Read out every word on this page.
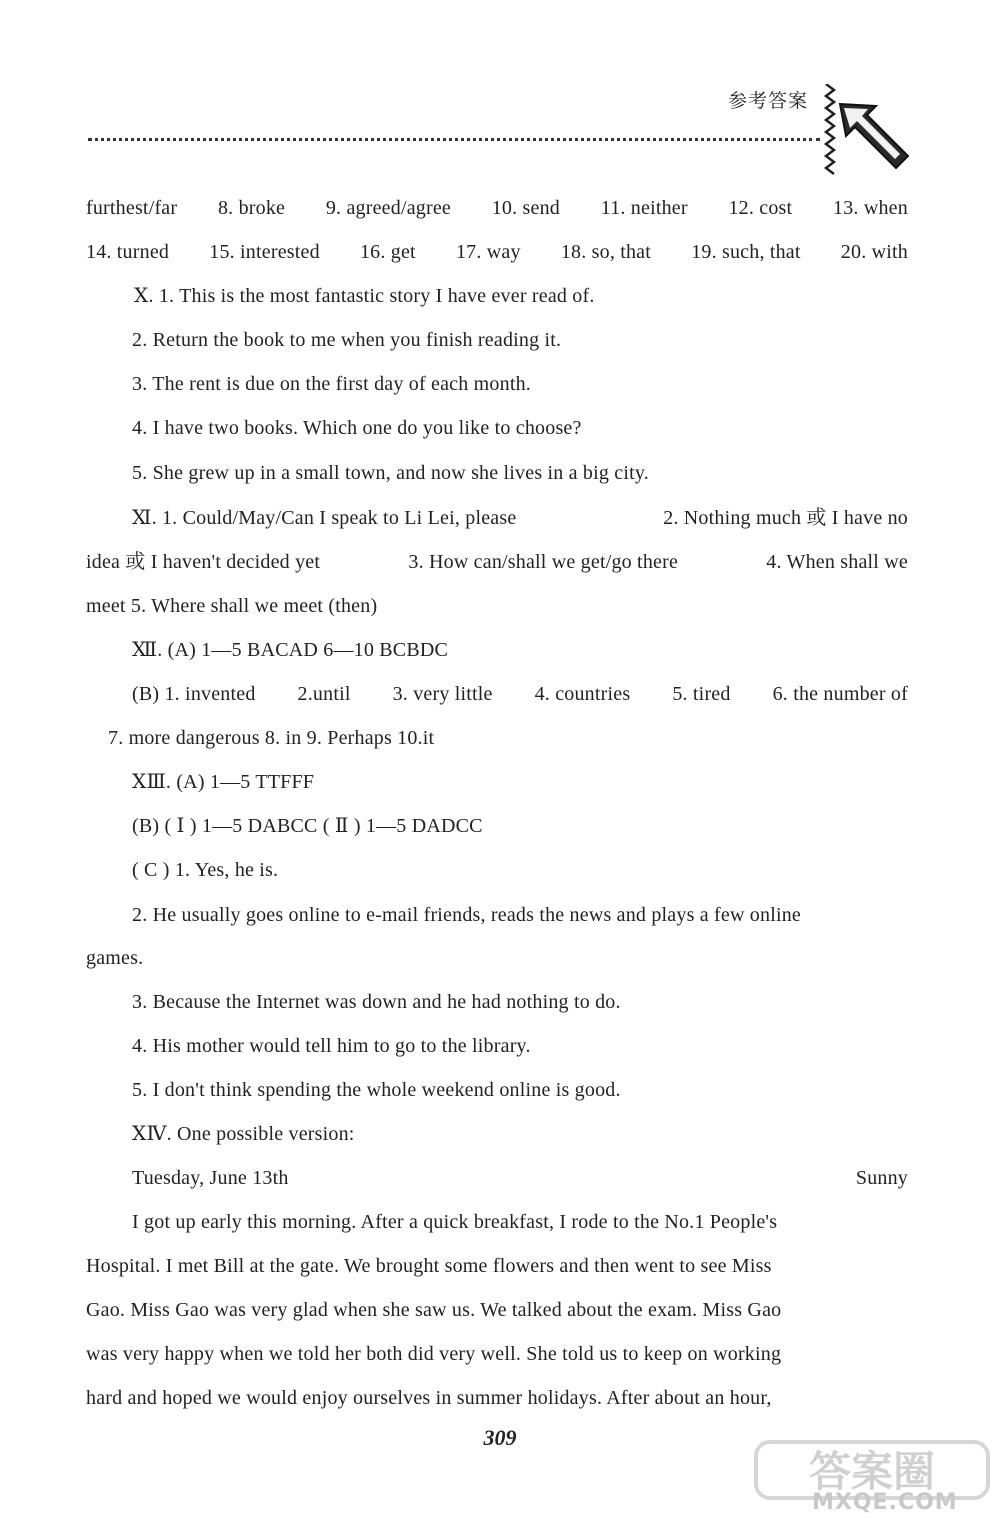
参考答案
furthest/far 8. broke 9. agreed/agree 10. send 11. neither 12. cost 13. when
14. turned 15. interested 16. get 17. way 18. so, that 19. such, that 20. with
Ⅹ. 1. This is the most fantastic story I have ever read of.
2. Return the book to me when you finish reading it.
3. The rent is due on the first day of each month.
4. I have two books. Which one do you like to choose?
5. She grew up in a small town, and now she lives in a big city.
Ⅺ. 1. Could/May/Can I speak to Li Lei, please	2. Nothing much 或 I have no
idea 或 I haven't decided yet	3. How can/shall we get/go there	4. When shall we
meet 5. Where shall we meet (then)
Ⅻ. (A) 1—5 BACAD 6—10 BCBDC
(B) 1. invented 2.until 3. very little 4. countries 5. tired 6. the number of
7. more dangerous 8. in 9. Perhaps 10.it
ⅩⅢ. (A) 1—5 TTFFF
(B) ( Ⅰ ) 1—5 DABCC ( Ⅱ ) 1—5 DADCC
( C ) 1. Yes, he is.
2. He usually goes online to e-mail friends, reads the news and plays a few online
games.
3. Because the Internet was down and he had nothing to do.
4. His mother would tell him to go to the library.
5. I don't think spending the whole weekend online is good.
ⅩⅣ. One possible version:
Tuesday, June 13th	Sunny
I got up early this morning. After a quick breakfast, I rode to the No.1 People's
Hospital. I met Bill at the gate. We brought some flowers and then went to see Miss
Gao. Miss Gao was very glad when she saw us. We talked about the exam. Miss Gao
was very happy when we told her both did very well. She told us to keep on working
hard and hoped we would enjoy ourselves in summer holidays. After about an hour,
309
答案圈
MXQE.COM
